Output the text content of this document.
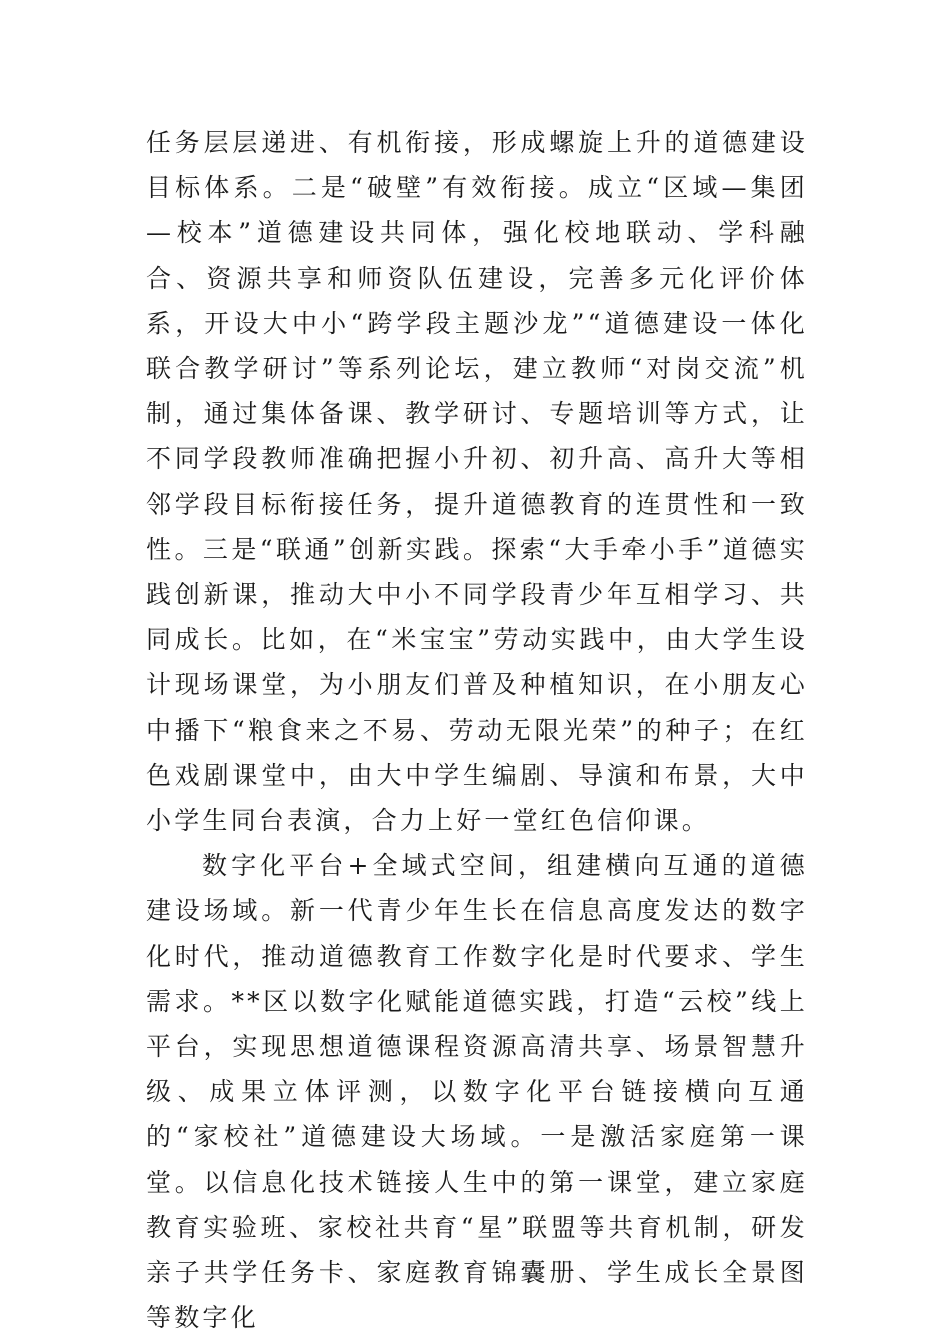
任务层层递进、有机衔接，形成螺旋上升的道德建设目标体系。二是“破壁”有效衔接。成立“区域—集团—校本”道德建设共同体，强化校地联动、学科融合、资源共享和师资队伍建设，完善多元化评价体系，开设大中小“跨学段主题沙龙”“道德建设一体化联合教学研讨”等系列论坛，建立教师“对岗交流”机制，通过集体备课、教学研讨、专题培训等方式，让不同学段教师准确把握小升初、初升高、高升大等相邻学段目标衔接任务，提升道德教育的连贯性和一致性。三是“联通”创新实践。探索“大手牵小手”道德实践创新课，推动大中小不同学段青少年互相学习、共同成长。比如，在“米宝宝”劳动实践中，由大学生设计现场课堂，为小朋友们普及种植知识，在小朋友心中播下“粮食来之不易、劳动无限光荣”的种子；在红色戏剧课堂中，由大中学生编剧、导演和布景，大中小学生同台表演，合力上好一堂红色信仰课。

数字化平台+全域式空间，组建横向互通的道德建设场域。新一代青少年生长在信息高度发达的数字化时代，推动道德教育工作数字化是时代要求、学生需求。**区以数字化赋能道德实践，打造“云校”线上平台，实现思想道德课程资源高清共享、场景智慧升级、成果立体评测，以数字化平台链接横向互通的“家校社”道德建设大场域。一是激活家庭第一课堂。以信息化技术链接人生中的第一课堂，建立家庭教育实验班、家校社共育“星”联盟等共育机制，研发亲子共学任务卡、家庭教育锦囊册、学生成长全景图等数字化
